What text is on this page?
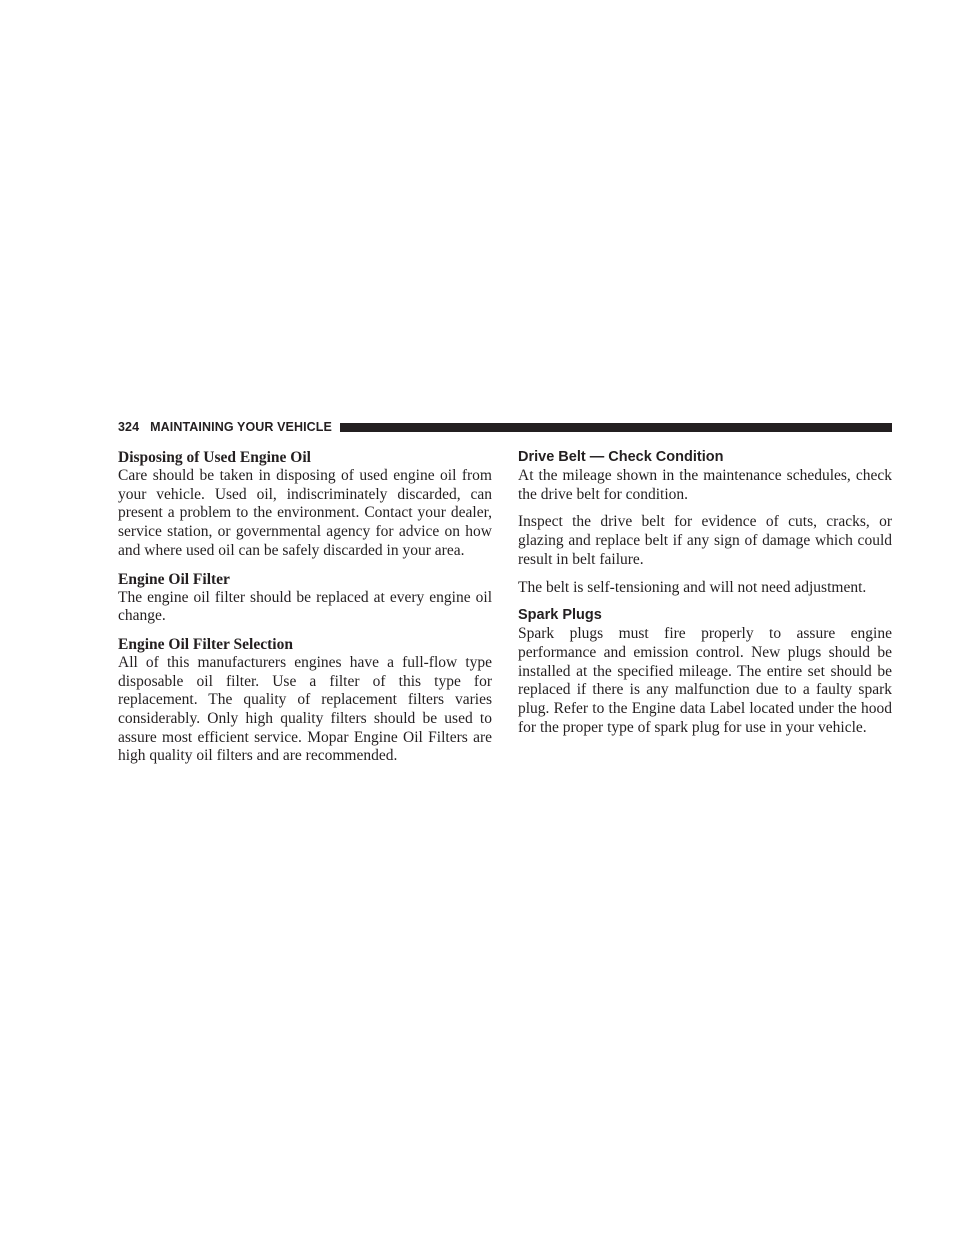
324 MAINTAINING YOUR VEHICLE
Disposing of Used Engine Oil

Care should be taken in disposing of used engine oil from your vehicle. Used oil, indiscriminately discarded, can present a problem to the environment. Contact your dealer, service station, or governmental agency for advice on how and where used oil can be safely discarded in your area.

Engine Oil Filter

The engine oil filter should be replaced at every engine oil change.

Engine Oil Filter Selection

All of this manufacturers engines have a full-flow type disposable oil filter. Use a filter of this type for replacement. The quality of replacement filters varies considerably. Only high quality filters should be used to assure most efficient service. Mopar Engine Oil Filters are high quality oil filters and are recommended.

Drive Belt — Check Condition

At the mileage shown in the maintenance schedules, check the drive belt for condition.

Inspect the drive belt for evidence of cuts, cracks, or glazing and replace belt if any sign of damage which could result in belt failure.

The belt is self-tensioning and will not need adjustment.

Spark Plugs

Spark plugs must fire properly to assure engine performance and emission control. New plugs should be installed at the specified mileage. The entire set should be replaced if there is any malfunction due to a faulty spark plug. Refer to the Engine data Label located under the hood for the proper type of spark plug for use in your vehicle.
